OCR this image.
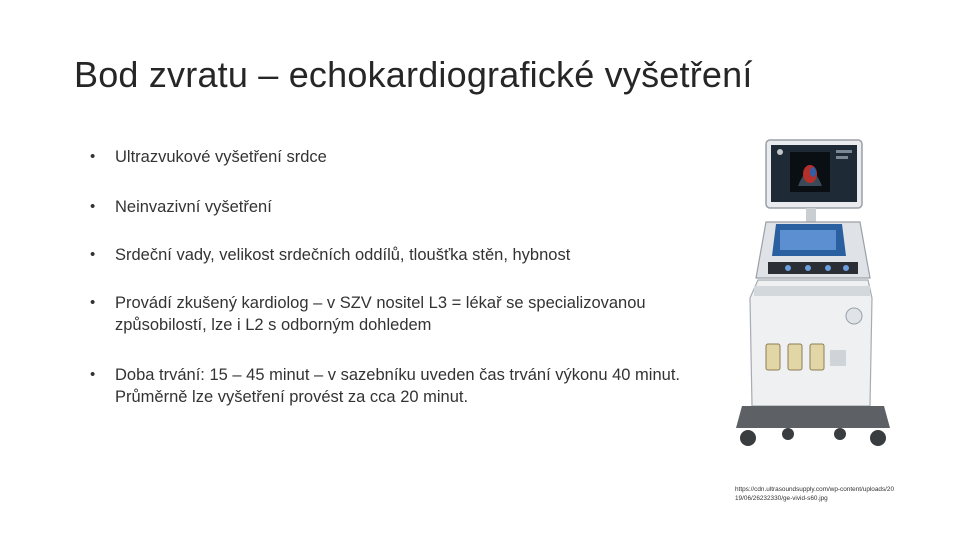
Bod zvratu – echokardiografické vyšetření
•	Ultrazvukové vyšetření srdce
•	Neinvazivní vyšetření
•	Srdeční vady, velikost srdečních oddílů, tloušťka stěn, hybnost
•	Provádí zkušený kardiolog – v SZV nositel L3 = lékař se specializovanou způsobilostí, lze i L2 s odborným dohledem
•	Doba trvání: 15 – 45 minut – v sazebníku uveden čas trvání výkonu 40 minut. Průměrně lze vyšetření provést za cca 20 minut.
https://cdn.ultrasoundsupply.com/wp-content/uploads/2019/06/26232330/ge-vivid-s60.jpg
